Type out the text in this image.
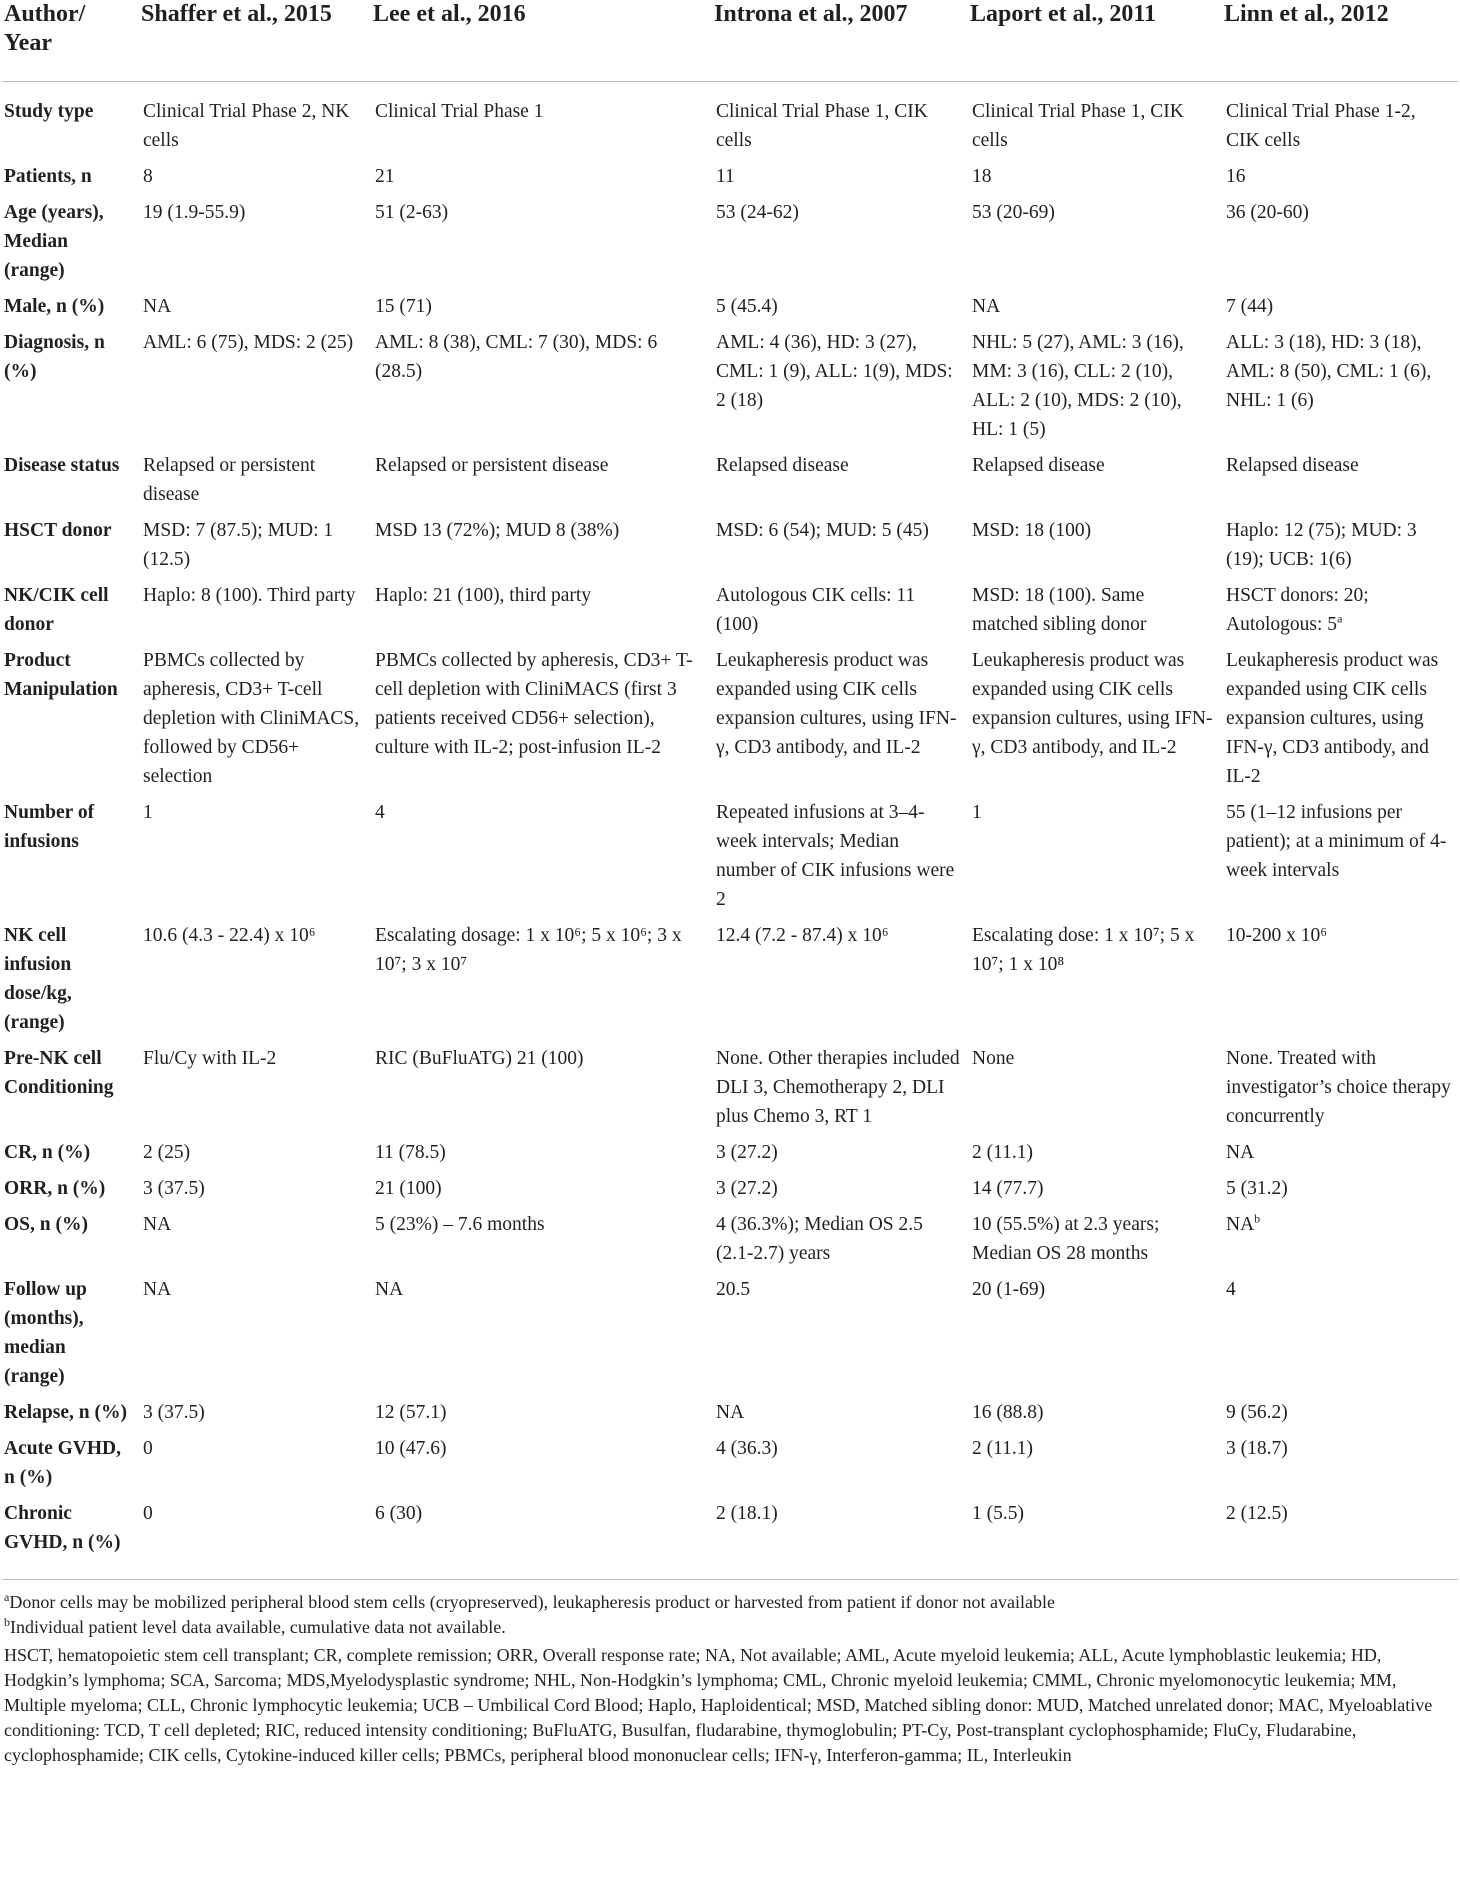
Author/ Year	Shaffer et al., 2015	Lee et al., 2016	Introna et al., 2007	Laport et al., 2011	Linn et al., 2012
Study type	Clinical Trial Phase 2, NK cells	Clinical Trial Phase 1	Clinical Trial Phase 1, CIK cells	Clinical Trial Phase 1, CIK cells	Clinical Trial Phase 1-2, CIK cells
Patients, n	8	21	11	18	16
Age (years), Median (range)	19 (1.9-55.9)	51 (2-63)	53 (24-62)	53 (20-69)	36 (20-60)
Male, n (%)	NA	15 (71)	5 (45.4)	NA	7 (44)
Diagnosis, n (%)	AML: 6 (75), MDS: 2 (25)	AML: 8 (38), CML: 7 (30), MDS: 6 (28.5)	AML: 4 (36), HD: 3 (27), CML: 1 (9), ALL: 1(9), MDS: 2 (18)	NHL: 5 (27), AML: 3 (16), MM: 3 (16), CLL: 2 (10), ALL: 2 (10), MDS: 2 (10), HL: 1 (5)	ALL: 3 (18), HD: 3 (18), AML: 8 (50), CML: 1 (6), NHL: 1 (6)
Disease status	Relapsed or persistent disease	Relapsed or persistent disease	Relapsed disease	Relapsed disease	Relapsed disease
HSCT donor	MSD: 7 (87.5); MUD: 1 (12.5)	MSD 13 (72%); MUD 8 (38%)	MSD: 6 (54); MUD: 5 (45)	MSD: 18 (100)	Haplo: 12 (75); MUD: 3 (19); UCB: 1(6)
NK/CIK cell donor	Haplo: 8 (100). Third party	Haplo: 21 (100), third party	Autologous CIK cells: 11 (100)	MSD: 18 (100). Same matched sibling donor	HSCT donors: 20; Autologous: 5$^a$
Product Manipulation	PBMCs collected by apheresis, CD3+ T-cell depletion with CliniMACS, followed by CD56+ selection	PBMCs collected by apheresis, CD3+ T-cell depletion with CliniMACS (first 3 patients received CD56+ selection), culture with IL-2; post-infusion IL-2	Leukapheresis product was expanded using CIK cells expansion cultures, using IFN-γ, CD3 antibody, and IL-2	Leukapheresis product was expanded using CIK cells expansion cultures, using IFN-γ, CD3 antibody, and IL-2	Leukapheresis product was expanded using CIK cells expansion cultures, using IFN-γ, CD3 antibody, and IL-2
Number of infusions	1	4	Repeated infusions at 3–4-week intervals; Median number of CIK infusions were 2	1	55 (1–12 infusions per patient); at a minimum of 4-week intervals
NK cell infusion dose/kg, (range)	10.6 (4.3 - 22.4) x 10⁶	Escalating dosage: 1 x 10⁶; 5 x 10⁶; 3 x 10⁷; 3 x 10⁷	12.4 (7.2 - 87.4) x 10⁶	Escalating dose: 1 x 10⁷; 5 x 10⁷; 1 x 10⁸	10-200 x 10⁶
Pre-NK cell Conditioning	Flu/Cy with IL-2	RIC (BuFluATG) 21 (100)	None. Other therapies included DLI 3, Chemotherapy 2, DLI plus Chemo 3, RT 1	None	None. Treated with investigator’s choice therapy concurrently
CR, n (%)	2 (25)	11 (78.5)	3 (27.2)	2 (11.1)	NA
ORR, n (%)	3 (37.5)	21 (100)	3 (27.2)	14 (77.7)	5 (31.2)
OS, n (%)	NA	5 (23%) – 7.6 months	4 (36.3%); Median OS 2.5 (2.1-2.7) years	10 (55.5%) at 2.3 years; Median OS 28 months	$NA^b$
Follow up (months), median (range)	NA	NA	20.5	20 (1-69)	4
Relapse, n (%)	3 (37.5)	12 (57.1)	NA	16 (88.8)	9 (56.2)
Acute GVHD, n (%)	0	10 (47.6)	4 (36.3)	2 (11.1)	3 (18.7)
Chronic GVHD, n (%)	0	6 (30)	2 (18.1)	1 (5.5)	2 (12.5)

$^a$Donor cells may be mobilized peripheral blood stem cells (cryopreserved), leukapheresis product or harvested from patient if donor not available

$^b$Individual patient level data available, cumulative data not available.

HSCT, hematopoietic stem cell transplant; CR, complete remission; ORR, Overall response rate; NA, Not available; AML, Acute myeloid leukemia; ALL, Acute lymphoblastic leukemia; HD, Hodgkin’s lymphoma; SCA, Sarcoma; MDS,Myelodysplastic syndrome; NHL, Non-Hodgkin’s lymphoma; CML, Chronic myeloid leukemia; CMML, Chronic myelomonocytic leukemia; MM, Multiple myeloma; CLL, Chronic lymphocytic leukemia; UCB – Umbilical Cord Blood; Haplo, Haploidentical; MSD, Matched sibling donor: MUD, Matched unrelated donor; MAC, Myeloablative conditioning: TCD, T cell depleted; RIC, reduced intensity conditioning; BuFluATG, Busulfan, fludarabine, thymoglobulin; PT-Cy, Post-transplant cyclophosphamide; FluCy, Fludarabine, cyclophosphamide; CIK cells, Cytokine-induced killer cells; PBMCs, peripheral blood mononuclear cells; IFN-γ, Interferon-gamma; IL, Interleukin
